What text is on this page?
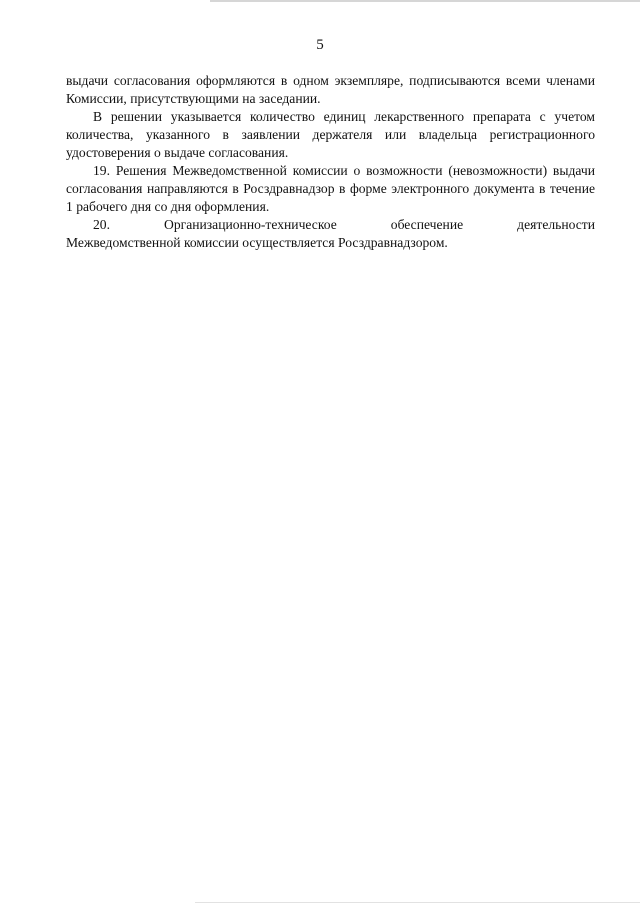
5

выдачи согласования оформляются в одном экземпляре, подписываются всеми членами Комиссии, присутствующими на заседании.

В решении указывается количество единиц лекарственного препарата с учетом количества, указанного в заявлении держателя или владельца регистрационного удостоверения о выдаче согласования.

19. Решения Межведомственной комиссии о возможности (невозможности) выдачи согласования направляются в Росздравнадзор в форме электронного документа в течение 1 рабочего дня со дня оформления.

20. Организационно-техническое обеспечение деятельности

Межведомственной комиссии осуществляется Росздравнадзором.
